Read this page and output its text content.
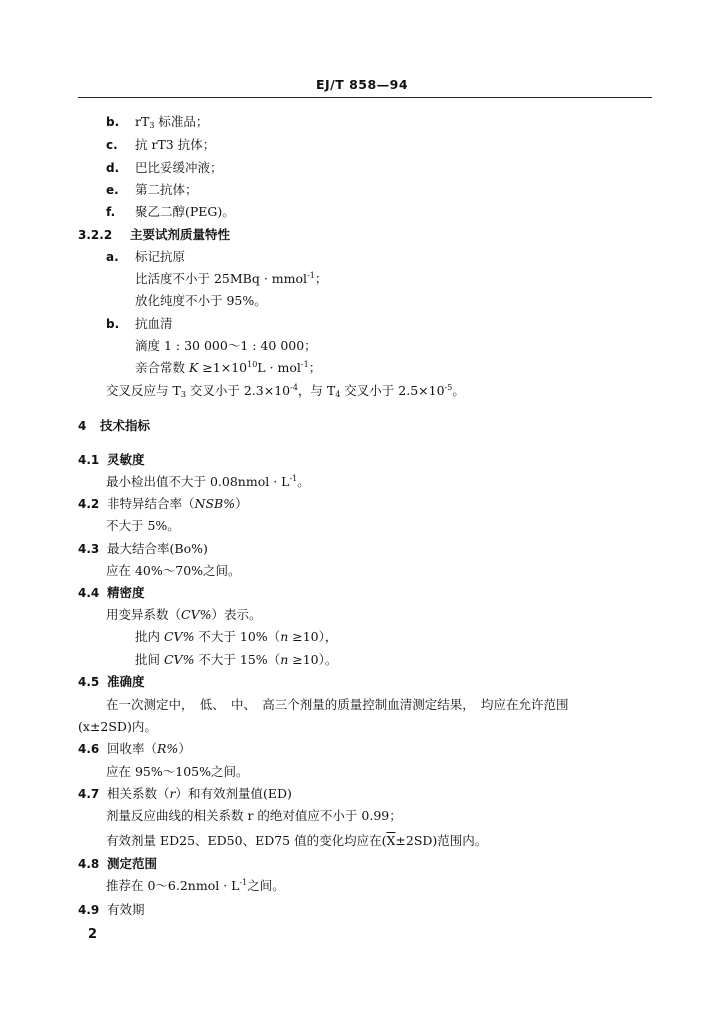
EJ/T 858—94
b. $rT_3$ 标准品；
c. 抗 rT3 抗体；
d. 巴比妥缓冲液；
e. 第二抗体；
f. 聚乙二醇(PEG)。
3.2.2 主要试剂质量特性
a. 标记抗原
比活度不小于 25MBq · mmol$^{-1}$；
放化纯度不小于 95%。
b. 抗血清
滴度 1 : 30 000～1 : 40 000；
亲合常数 $K \ge 1\times 10^{10}L \cdot mol^{-1}$；
交叉反应与 $T_3$ 交叉小于 $2.3\times 10^{-4}$，与 $T_4$ 交叉小于 $2.5\times 10^{-5}$。
4 技术指标
4.1 灵敏度
最小检出值不大于 0.08nmol · $L^{-1}$。
4.2 非特异结合率（NSB%）
不大于 5%。
4.3 最大结合率(Bo%)
应在 40%～70%之间。
4.4 精密度
用变异系数（CV%）表示。
批内 CV% 不大于 10%（n ≥10），
批间 CV% 不大于 15%（n ≥10）。
4.5 准确度
在一次测定中，　低、　中、　高三个剂量的质量控制血清测定结果，　均应在允许范围
(x±2SD)内。
4.6 回收率（R%）
应在 95%～105%之间。
4.7 相关系数（r）和有效剂量值(ED)
剂量反应曲线的相关系数 r 的绝对值应不小于 0.99；
有效剂量 ED25、ED50、ED75 值的变化均应在$(\overline{X}\pm 2SD)$范围内。
4.8 测定范围
推荐在 0～6.2nmol · $L^{-1}$之间。
4.9 有效期
2
